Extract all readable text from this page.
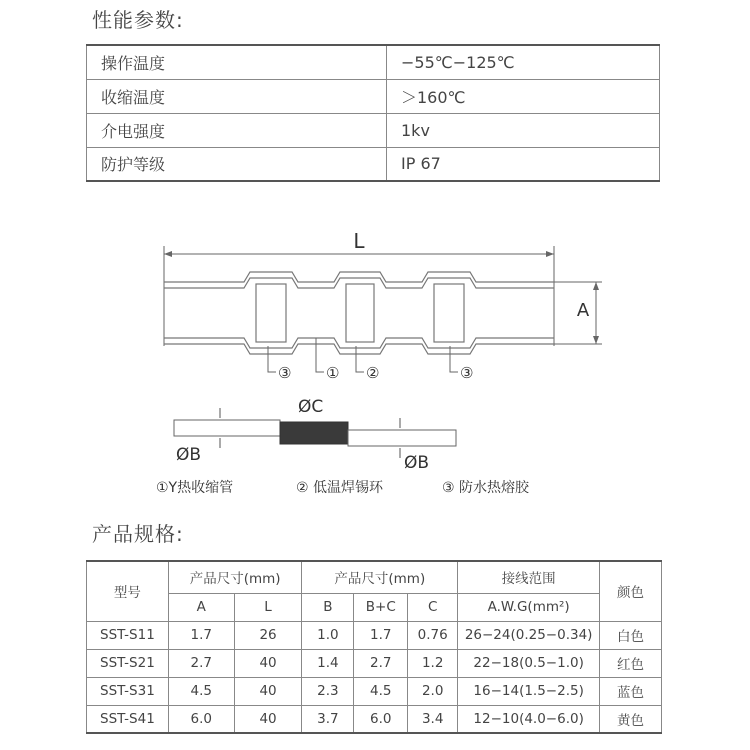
性能参数:
操作温度	−55℃−125℃
收缩温度	＞160℃
介电强度	1kv
防护等级	IP 67
L
A
③ ① ②	③
ØB	ØB
ØC
①Y热收缩管	② 低温焊锡环	③ 防水热熔胶
产品规格:
型号	产品尺寸(mm)		产品尺寸(mm)			接线范围	颜色
	A	L	B	B+C	C	A.W.G(mm²)	
SST-S11	1.7	26	1.0	1.7	0.76	26−24(0.25−0.34)	白色
SST-S21	2.7	40	1.4	2.7	1.2	22−18(0.5−1.0)	红色
SST-S31	4.5	40	2.3	4.5	2.0	16−14(1.5−2.5)	蓝色
SST-S41	6.0	40	3.7	6.0	3.4	12−10(4.0−6.0)	黄色
